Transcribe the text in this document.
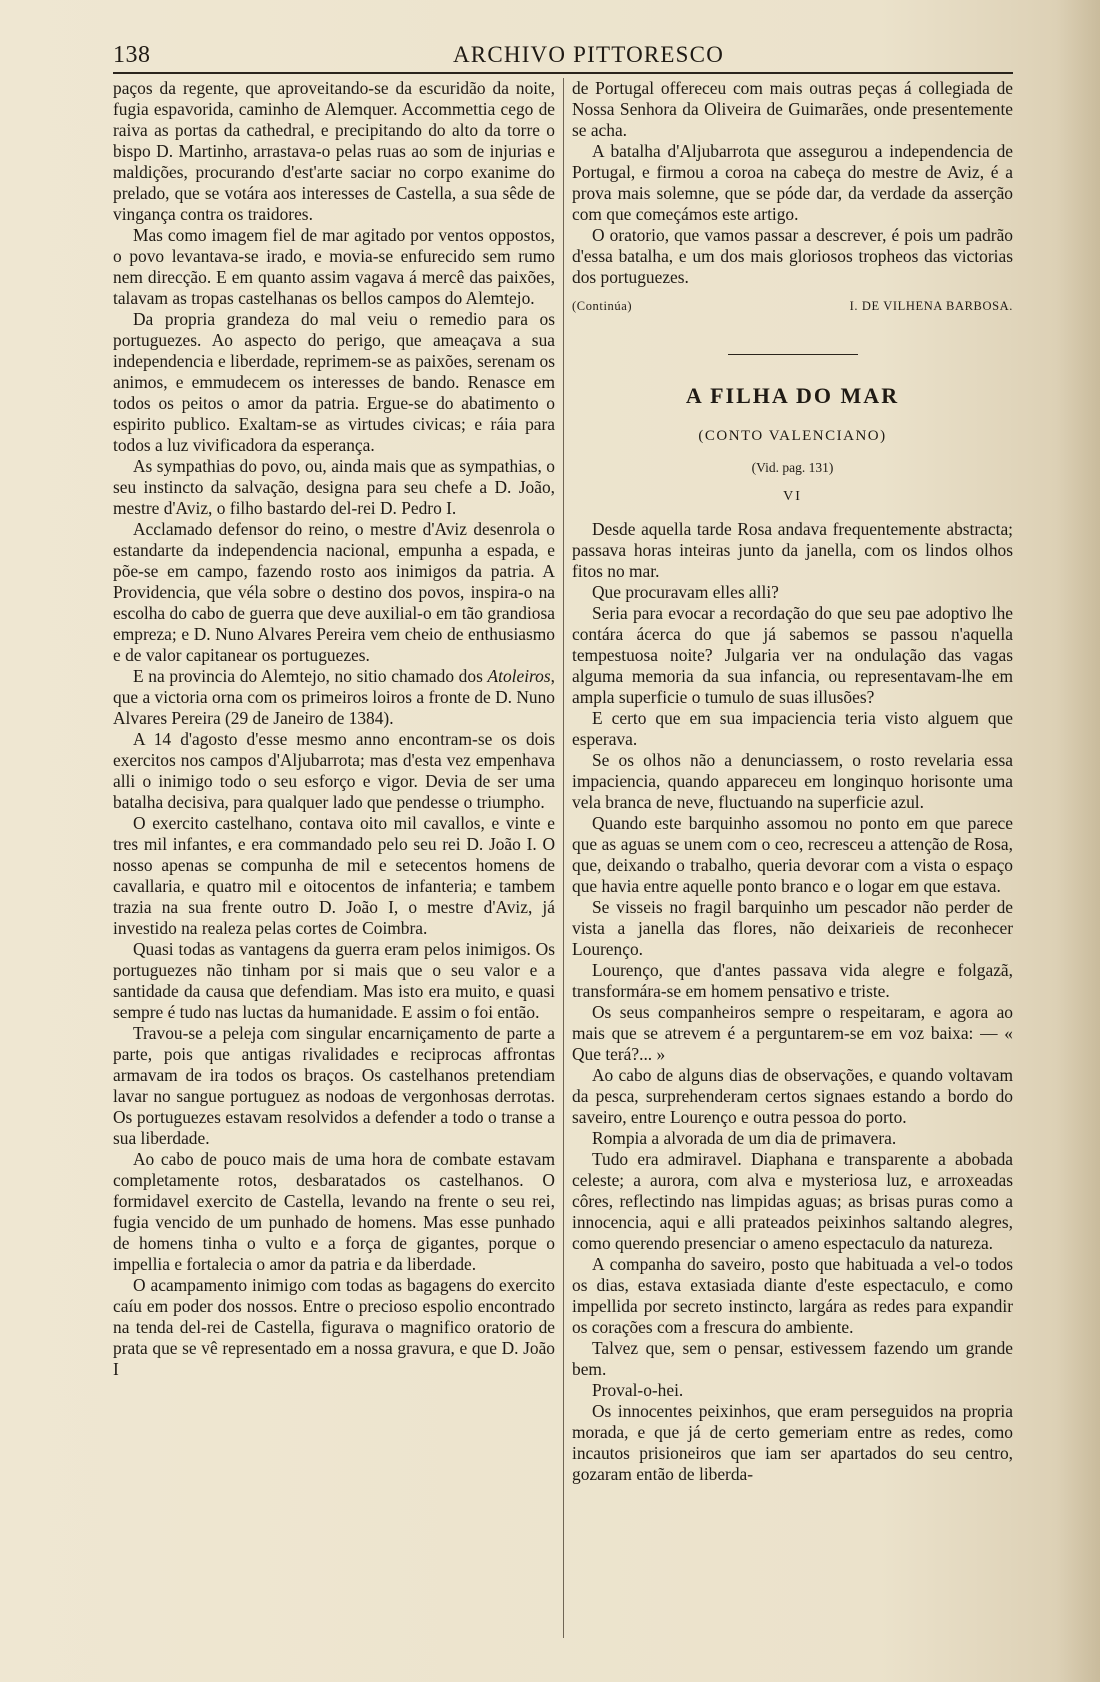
138	ARCHIVO PITTORESCO

paços da regente, que aproveitando-se da escuridão da noite, fugia espavorida, caminho de Alemquer. Accommettia cego de raiva as portas da cathedral, e precipitando do alto da torre o bispo D. Martinho, arrastava-o pelas ruas ao som de injurias e maldições, procurando d'est'arte saciar no corpo exanime do prelado, que se votára aos interesses de Castella, a sua sêde de vingança contra os traidores.

Mas como imagem fiel de mar agitado por ventos oppostos, o povo levantava-se irado, e movia-se enfurecido sem rumo nem direcção. E em quanto assim vagava á mercê das paixões, talavam as tropas castelhanas os bellos campos do Alemtejo.

Da propria grandeza do mal veiu o remedio para os portuguezes. Ao aspecto do perigo, que ameaçava a sua independencia e liberdade, reprimem-se as paixões, serenam os animos, e emmudecem os interesses de bando. Renasce em todos os peitos o amor da patria. Ergue-se do abatimento o espirito publico. Exaltam-se as virtudes civicas; e ráia para todos a luz vivificadora da esperança.

As sympathias do povo, ou, ainda mais que as sympathias, o seu instincto da salvação, designa para seu chefe a D. João, mestre d'Aviz, o filho bastardo del-rei D. Pedro I.

Acclamado defensor do reino, o mestre d'Aviz desenrola o estandarte da independencia nacional, empunha a espada, e põe-se em campo, fazendo rosto aos inimigos da patria. A Providencia, que véla sobre o destino dos povos, inspira-o na escolha do cabo de guerra que deve auxilial-o em tão grandiosa empreza; e D. Nuno Alvares Pereira vem cheio de enthusiasmo e de valor capitanear os portuguezes.

E na provincia do Alemtejo, no sitio chamado dos Atoleiros, que a victoria orna com os primeiros loiros a fronte de D. Nuno Alvares Pereira (29 de Janeiro de 1384).

A 14 d'agosto d'esse mesmo anno encontram-se os dois exercitos nos campos d'Aljubarrota; mas d'esta vez empenhava alli o inimigo todo o seu esforço e vigor. Devia de ser uma batalha decisiva, para qualquer lado que pendesse o triumpho.

O exercito castelhano, contava oito mil cavallos, e vinte e tres mil infantes, e era commandado pelo seu rei D. João I. O nosso apenas se compunha de mil e setecentos homens de cavallaria, e quatro mil e oitocentos de infanteria; e tambem trazia na sua frente outro D. João I, o mestre d'Aviz, já investido na realeza pelas cortes de Coimbra.

Quasi todas as vantagens da guerra eram pelos inimigos. Os portuguezes não tinham por si mais que o seu valor e a santidade da causa que defendiam. Mas isto era muito, e quasi sempre é tudo nas luctas da humanidade. E assim o foi então.

Travou-se a peleja com singular encarniçamento de parte a parte, pois que antigas rivalidades e reciprocas affrontas armavam de ira todos os braços. Os castelhanos pretendiam lavar no sangue portuguez as nodoas de vergonhosas derrotas. Os portuguezes estavam resolvidos a defender a todo o transe a sua liberdade.

Ao cabo de pouco mais de uma hora de combate estavam completamente rotos, desbaratados os castelhanos. O formidavel exercito de Castella, levando na frente o seu rei, fugia vencido de um punhado de homens. Mas esse punhado de homens tinha o vulto e a força de gigantes, porque o impellia e fortalecia o amor da patria e da liberdade.

O acampamento inimigo com todas as bagagens do exercito caíu em poder dos nossos. Entre o precioso espolio encontrado na tenda del-rei de Castella, figurava o magnifico oratorio de prata que se vê representado em a nossa gravura, e que D. João I

de Portugal offereceu com mais outras peças á collegiada de Nossa Senhora da Oliveira de Guimarães, onde presentemente se acha.

A batalha d'Aljubarrota que assegurou a independencia de Portugal, e firmou a coroa na cabeça do mestre de Aviz, é a prova mais solemne, que se póde dar, da verdade da asserção com que começámos este artigo.

O oratorio, que vamos passar a descrever, é pois um padrão d'essa batalha, e um dos mais gloriosos tropheos das victorias dos portuguezes.

(Continúa)	I. DE VILHENA BARBOSA.
A FILHA DO MAR
(CONTO VALENCIANO)
(Vid. pag. 131)
VI

Desde aquella tarde Rosa andava frequentemente abstracta; passava horas inteiras junto da janella, com os lindos olhos fitos no mar.

Que procuravam elles alli?

Seria para evocar a recordação do que seu pae adoptivo lhe contára ácerca do que já sabemos se passou n'aquella tempestuosa noite? Julgaria ver na ondulação das vagas alguma memoria da sua infancia, ou representavam-lhe em ampla superficie o tumulo de suas illusões?

E certo que em sua impaciencia teria visto alguem que esperava.

Se os olhos não a denunciassem, o rosto revelaria essa impaciencia, quando appareceu em longinquo horisonte uma vela branca de neve, fluctuando na superficie azul.

Quando este barquinho assomou no ponto em que parece que as aguas se unem com o ceo, recresceu a attenção de Rosa, que, deixando o trabalho, queria devorar com a vista o espaço que havia entre aquelle ponto branco e o logar em que estava.

Se visseis no fragil barquinho um pescador não perder de vista a janella das flores, não deixarieis de reconhecer Lourenço.

Lourenço, que d'antes passava vida alegre e folgazã, transformára-se em homem pensativo e triste.

Os seus companheiros sempre o respeitaram, e agora ao mais que se atrevem é a perguntarem-se em voz baixa: — « Que terá?... »

Ao cabo de alguns dias de observações, e quando voltavam da pesca, surprehenderam certos signaes estando a bordo do saveiro, entre Lourenço e outra pessoa do porto.

Rompia a alvorada de um dia de primavera.

Tudo era admiravel. Diaphana e transparente a abobada celeste; a aurora, com alva e mysteriosa luz, e arroxeadas côres, reflectindo nas limpidas aguas; as brisas puras como a innocencia, aqui e alli prateados peixinhos saltando alegres, como querendo presenciar o ameno espectaculo da natureza.

A companha do saveiro, posto que habituada a vel-o todos os dias, estava extasiada diante d'este espectaculo, e como impellida por secreto instincto, largára as redes para expandir os corações com a frescura do ambiente.

Talvez que, sem o pensar, estivessem fazendo um grande bem.

Proval-o-hei.

Os innocentes peixinhos, que eram perseguidos na propria morada, e que já de certo gemeriam entre as redes, como incautos prisioneiros que iam ser apartados do seu centro, gozaram então de liberda-
